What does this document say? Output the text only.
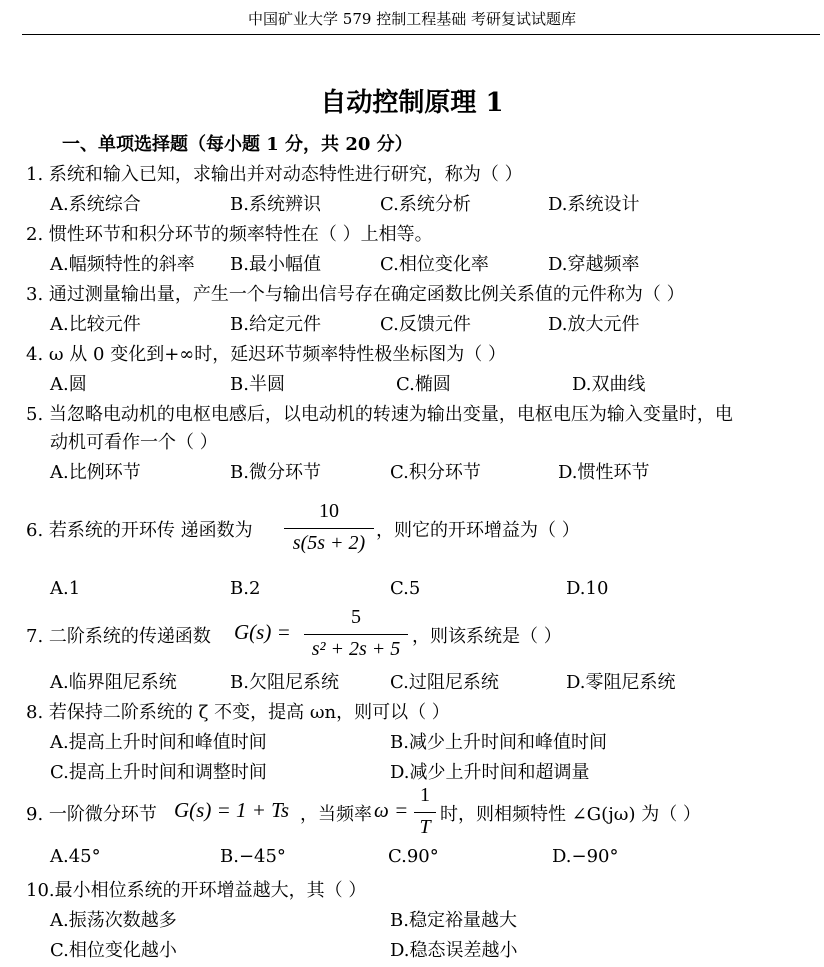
中国矿业大学 579 控制工程基础 考研复试试题库
自动控制原理 1
一、单项选择题（每小题 1 分，共 20 分）
1. 系统和输入已知，求输出并对动态特性进行研究，称为（ ）
A.系统综合	B.系统辨识	C.系统分析	D.系统设计
2. 惯性环节和积分环节的频率特性在（ ）上相等。
A.幅频特性的斜率 B.最小幅值	C.相位变化率	D.穿越频率
3. 通过测量输出量，产生一个与输出信号存在确定函数比例关系值的元件称为（ ）
A.比较元件	B.给定元件	C.反馈元件	D.放大元件
4. ω 从 0 变化到+∞时，延迟环节频率特性极坐标图为（ ）
A.圆	B.半圆	C.椭圆	D.双曲线
5. 当忽略电动机的电枢电感后，以电动机的转速为输出变量，电枢电压为输入变量时，电
动机可看作一个（ ）
A.比例环节	B.微分环节	C.积分环节	D.惯性环节
6. 若系统的开环传 递函数为
10
s(5s + 2)
，则它的开环增益为（ ）
A.1	B.2	C.5	D.10
7. 二阶系统的传递函数 G(s) =
5
s² + 2s + 5
，则该系统是（ ）
A.临界阻尼系统	B.欠阻尼系统	C.过阻尼系统	D.零阻尼系统
8. 若保持二阶系统的 ζ 不变，提高 ωn，则可以（ ）
A.提高上升时间和峰值时间	B.减少上升时间和峰值时间
C.提高上升时间和调整时间	D.减少上升时间和超调量
9. 一阶微分环节 G(s) = 1 + Ts ，当频率 ω =
1
T
时，则相频特性 ∠G(jω) 为（ ）
A.45°	B.−45°	C.90°	D.−90°
10.最小相位系统的开环增益越大，其（ ）
A.振荡次数越多	B.稳定裕量越大
C.相位变化越小	D.稳态误差越小
